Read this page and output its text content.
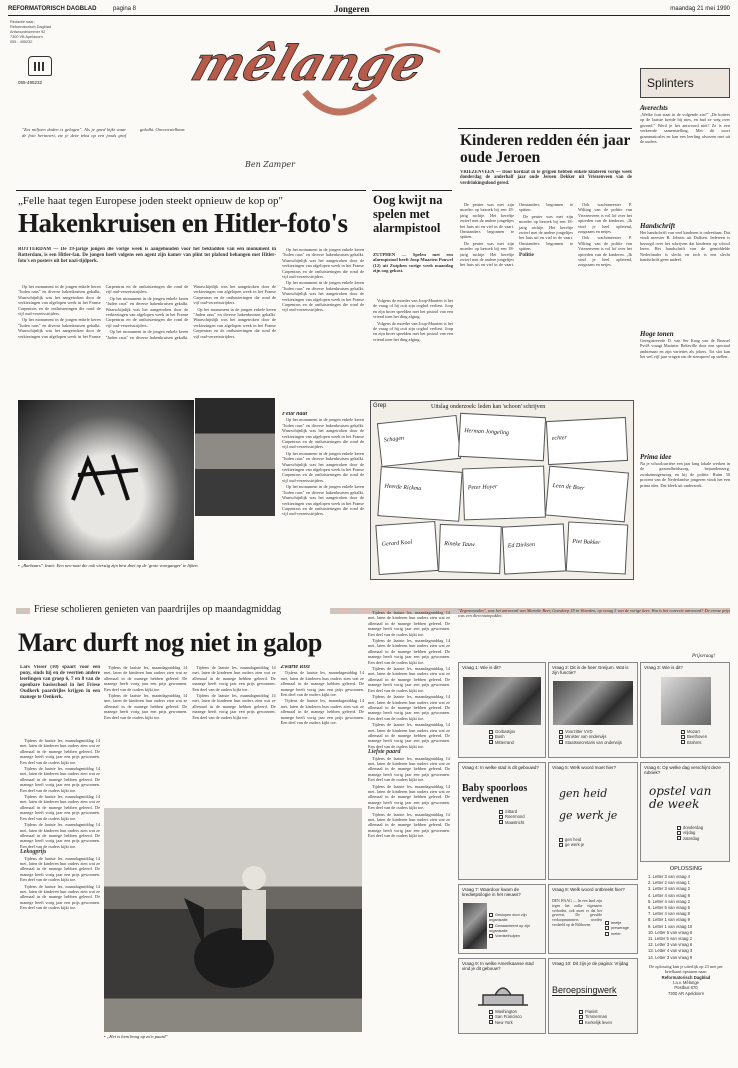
REFORMATORISCH DAGBLAD	pagina 8	Jongeren	maandag 21 mei 1990
Redactie naar:
Reformatorisch Dagblad
Antwoordnummer 92
7300 VB Apeldoorn
055 - 495232
055-495232	mêlange
"Zes miljoen doden is gelogen". Als je goed kijkt waar de foto herinnert, zie je deze tekst op een joods graf gekalkt. Onvoorstelbaar.
Ben Zamper
Splinters
Averechts
„Welke fout staat in de volgende zin?" „De kotters op de laatste kreide bij nies, en had ze weg over gezond." Werd je het antwoord niet? Ze is een verkeerde samenstelling. Met dit soort grammaticales en kan een leerling afwezen met uit de ouders.
Handschrift
Het handschrift van veel kinderen is onleesbaar. Dat vindt meester R. Jobster uit Dalfsen. Iedereen is bezorgd over het schrijven dat kinderen op school leren. Het handschrift van de gemiddelde Nederlander is slecht en toch is een slecht handschrift geen nadeel.
Hoge tonen
Geregistreerde D. van Ser Kaag van de Brussel PvdA vraagt Marinier Beltsville door een speciaal ambtenaar en zijn varieties als jokers. Tot slot kan het wel vijf jaar vragen om de stemproef op stellen.
Prima idee
Na je schoolcarrière een jaar lang lokale werken in de gezondheidszorg, bejaardenzorg, zwakzinnigenzorg en bij de politie. Ruim 50 procent van de Nederlandse jongeren vindt het een prima idee. Dat bleek uit onderzoek.
Kinderen redden één jaar oude Jeroen
VRIEZENVEEN — Door kordaat in te grijpen hebben enkele kinderen vorige week donderdag de anderhalf jaar oude Jeroen Dekker uit Vriezenveen van de verdrinkingsdood gered.

De peuter was met zijn moeder op bezoek bij een 18-jarig nichtje. Het kereltje zwierf met de andere jongeltjes het huis uit en viel in de vaart. Omstanders begonnen te spitten.

De peuter was met zijn moeder op bezoek bij een 18-jarig nichtje. Het kereltje zwierf met de andere jongeltjes het huis uit en viel in de vaart. Omstanders begonnen te spitten.

De peuter was met zijn moeder op bezoek bij een 18-jarig nichtje. Het kereltje zwierf met de andere jongeltjes het huis uit en viel in de vaart. Omstanders begonnen te spitten.

Politie

Ook wachtmeester P. Wilting van de politie van Vriezenveen is vol lof over het optreden van de kinderen. „Ik vind je heel opletend, zorgzaam en netjes.

Ook wachtmeester P. Wilting van de politie van Vriezenveen is vol lof over het optreden van de kinderen. „Ik vind je heel opletend, zorgzaam en netjes.

„Felle haat tegen Europese joden steekt opnieuw de kop op"
Hakenkruisen en Hitler-foto's
ROTTERDAM — De 19-jarige jongen die vorige week is aangehouden voor het bekladden van een monument in Rotterdam, is een Hitler-fan. De jongen heeft volgens een agent zijn kamer van plint tot plafond behangen met Hitler-foto's en posters uit het nazi-tijdperk.

Op het monument in de jongen enkele keren "Juden raus" en diverse hakenkruisen gekalkt. Waarschijnlijk was het aangetroken door de verkiezingen van afgelopen week in het Franse Carpentras en de ontluisteringen die rond de vijf oud-verzetsstrijders.

Op het monument in de jongen enkele keren "Juden raus" en diverse hakenkruisen gekalkt. Waarschijnlijk was het aangetroken door de verkiezingen van afgelopen week in het Franse Carpentras en de ontluisteringen die rond de vijf oud-verzetsstrijders.

Op het monument in de jongen enkele keren "Juden raus" en diverse hakenkruisen gekalkt. Waarschijnlijk was het aangetroken door de verkiezingen van afgelopen week in het Franse Carpentras en de ontluisteringen die rond de vijf oud-verzetsstrijders.

Op het monument in de jongen enkele keren "Juden raus" en diverse hakenkruisen gekalkt. Waarschijnlijk was het aangetroken door de verkiezingen van afgelopen week in het Franse Carpentras en de ontluisteringen die rond de vijf oud-verzetsstrijders.

Op het monument in de jongen enkele keren "Juden raus" en diverse hakenkruisen gekalkt. Waarschijnlijk was het aangetroken door de verkiezingen van afgelopen week in het Franse Carpentras en de ontluisteringen die rond de vijf oud-verzetsstrijders.

Op het monument in de jongen enkele keren "Juden raus" en diverse hakenkruisen gekalkt. Waarschijnlijk was het aangetroken door de verkiezingen van afgelopen week in het Franse Carpentras en de ontluisteringen die rond de vijf oud-verzetsstrijders.

Op het monument in de jongen enkele keren "Juden raus" en diverse hakenkruisen gekalkt. Waarschijnlijk was het aangetroken door de verkiezingen van afgelopen week in het Franse Carpentras en de ontluisteringen die rond de vijf oud-verzetsstrijders.

• „Barbaars". Inzet: Een neo-nazi die ook vierstig zijn best doet op de 'grote voorganger' te lijken.
Felle haat

Op het monument in de jongen enkele keren "Juden raus" en diverse hakenkruisen gekalkt. Waarschijnlijk was het aangetroken door de verkiezingen van afgelopen week in het Franse Carpentras en de ontluisteringen die rond de vijf oud-verzetsstrijders.

Op het monument in de jongen enkele keren "Juden raus" en diverse hakenkruisen gekalkt. Waarschijnlijk was het aangetroken door de verkiezingen van afgelopen week in het Franse Carpentras en de ontluisteringen die rond de vijf oud-verzetsstrijders.

Op het monument in de jongen enkele keren "Juden raus" en diverse hakenkruisen gekalkt. Waarschijnlijk was het aangetroken door de verkiezingen van afgelopen week in het Franse Carpentras en de ontluisteringen die rond de vijf oud-verzetsstrijders.

Oog kwijt na spelen met alarmpistool
ZUTPHEN — Spelen met een alarmpistool heeft Joop Maarten Pouwel (12) uit Zutphen vorige week maandag zijn oog gekost.

Volgens de moeder van Joop-Maarten is het de vraag of hij ooit zijn oogbol verliest. Joop en zijn broer speelden met het pistool van een vriend toen het ding afging.

Volgens de moeder van Joop-Maarten is het de vraag of hij ooit zijn oogbol verliest. Joop en zijn broer speelden met het pistool van een vriend toen het ding afging.

Grep	Uitslag onderzoek: leden kan 'schoon' schrijven
Schagen
Herman Jongeling
echter
Heerde Rickma	Peter Hoyer	Leen de Boer
Gerard Kool	Rineke Tauw	Ed Dirksen	Piet Bakker
Friese scholieren genieten van paardrijles op maandagmiddag
Marc durft nog niet in galop
Lars Visser (10) spaart voor een pony, sinds hij en de veertien andere leerlingen van groep 6, 7 en 8 van de openbare basisschool in het Friese Oudkerk paardrijles krijgen in een manege te Oenkerk.

Tijdens de laatste les, maandagmiddag 14 mei, laten de kinderen hun ouders zien wat ze allemaal in de manege hebben geleerd. De manege heeft vorig jaar een prijs gewonnen. Een deel van de ouders kijkt toe.

Tijdens de laatste les, maandagmiddag 14 mei, laten de kinderen hun ouders zien wat ze allemaal in de manege hebben geleerd. De manege heeft vorig jaar een prijs gewonnen. Een deel van de ouders kijkt toe.

Tijdens de laatste les, maandagmiddag 14 mei, laten de kinderen hun ouders zien wat ze allemaal in de manege hebben geleerd. De manege heeft vorig jaar een prijs gewonnen. Een deel van de ouders kijkt toe.

Tijdens de laatste les, maandagmiddag 14 mei, laten de kinderen hun ouders zien wat ze allemaal in de manege hebben geleerd. De manege heeft vorig jaar een prijs gewonnen. Een deel van de ouders kijkt toe.

Lekogprijs

Tijdens de laatste les, maandagmiddag 14 mei, laten de kinderen hun ouders zien wat ze allemaal in de manege hebben geleerd. De manege heeft vorig jaar een prijs gewonnen. Een deel van de ouders kijkt toe.

Tijdens de laatste les, maandagmiddag 14 mei, laten de kinderen hun ouders zien wat ze allemaal in de manege hebben geleerd. De manege heeft vorig jaar een prijs gewonnen. Een deel van de ouders kijkt toe.

Tijdens de laatste les, maandagmiddag 14 mei, laten de kinderen hun ouders zien wat ze allemaal in de manege hebben geleerd. De manege heeft vorig jaar een prijs gewonnen. Een deel van de ouders kijkt toe.

Tijdens de laatste les, maandagmiddag 14 mei, laten de kinderen hun ouders zien wat ze allemaal in de manege hebben geleerd. De manege heeft vorig jaar een prijs gewonnen. Een deel van de ouders kijkt toe.

Tijdens de laatste les, maandagmiddag 14 mei, laten de kinderen hun ouders zien wat ze allemaal in de manege hebben geleerd. De manege heeft vorig jaar een prijs gewonnen. Een deel van de ouders kijkt toe.

Tijdens de laatste les, maandagmiddag 14 mei, laten de kinderen hun ouders zien wat ze allemaal in de manege hebben geleerd. De manege heeft vorig jaar een prijs gewonnen. Een deel van de ouders kijkt toe.

Zwarte Rixt

Tijdens de laatste les, maandagmiddag 14 mei, laten de kinderen hun ouders zien wat ze allemaal in de manege hebben geleerd. De manege heeft vorig jaar een prijs gewonnen. Een deel van de ouders kijkt toe.

Tijdens de laatste les, maandagmiddag 14 mei, laten de kinderen hun ouders zien wat ze allemaal in de manege hebben geleerd. De manege heeft vorig jaar een prijs gewonnen. Een deel van de ouders kijkt toe.

• „Het is hem hoog op zo'n paard"

Tijdens de laatste les, maandagmiddag 14 mei, laten de kinderen hun ouders zien wat ze allemaal in de manege hebben geleerd. De manege heeft vorig jaar een prijs gewonnen. Een deel van de ouders kijkt toe.

Tijdens de laatste les, maandagmiddag 14 mei, laten de kinderen hun ouders zien wat ze allemaal in de manege hebben geleerd. De manege heeft vorig jaar een prijs gewonnen. Een deel van de ouders kijkt toe.

Tijdens de laatste les, maandagmiddag 14 mei, laten de kinderen hun ouders zien wat ze allemaal in de manege hebben geleerd. De manege heeft vorig jaar een prijs gewonnen. Een deel van de ouders kijkt toe.

Tijdens de laatste les, maandagmiddag 14 mei, laten de kinderen hun ouders zien wat ze allemaal in de manege hebben geleerd. De manege heeft vorig jaar een prijs gewonnen. Een deel van de ouders kijkt toe.

Tijdens de laatste les, maandagmiddag 14 mei, laten de kinderen hun ouders zien wat ze allemaal in de manege hebben geleerd. De manege heeft vorig jaar een prijs gewonnen. Een deel van de ouders kijkt toe.

Liefste paard

Tijdens de laatste les, maandagmiddag 14 mei, laten de kinderen hun ouders zien wat ze allemaal in de manege hebben geleerd. De manege heeft vorig jaar een prijs gewonnen. Een deel van de ouders kijkt toe.

Tijdens de laatste les, maandagmiddag 14 mei, laten de kinderen hun ouders zien wat ze allemaal in de manege hebben geleerd. De manege heeft vorig jaar een prijs gewonnen. Een deel van de ouders kijkt toe.

Tijdens de laatste les, maandagmiddag 14 mei, laten de kinderen hun ouders zien wat ze allemaal in de manege hebben geleerd. De manege heeft vorig jaar een prijs gewonnen. Een deel van de ouders kijkt toe.

"Zegenwonden", was het antwoord van Marieke Beer, Goesdorp 19 in Woerden, op vraag 3 van de vorige keer. Wat is het correcte antwoord? De eerste prijs was een dierentuinpakket.
Prijsvraag!
Vraag 1: Wie is dit?
Gorbatsjov
Bush
Mitterrand
Vraag 2: Dit is de heer Greijum. Wat is zijn functie?
Voorzitter VVD
Minister van onderwijs
Staatssecretaris van onderwijs
Vraag 3: Wie is dit?
Mozart
Beethoven
Brahms
Vraag 4: In welke stad is dit gebouwd?
Baby spoorloos verdwenen
Sittard
Roermond
Maastricht
Vraag 5: Welk woord moet hier?
gen heid
ge werk je
gen heid
ge werk je
Vraag 6: Op welke dag verschijnt deze rubriek?
opstel van de week
donderdag
vrijdag
zaterdag
Vraag 7: Waardoor kwam de kredietpsilogie in het nieuws?
Geslopen door zijn organisatie
Gewaardeerd op zijn organisatie
Voedselhulpen
Vraag 8: Welk woord ontbreekt hier?
DEN HAAG — In een land zijn tegen het zulke eigenaren verboden, ook moet er dat het geweest. De gevulde verkoopnummers worden verdeeld op de Bilthoven.	beetje
prewerage
meter
Vraag 9: In welke Amerikaanse stad vind je dit gebouw?
Washington
San Francisco
New York
Vraag 10: Dit zijn je de pagina: Vrijdag
Beroepsingwerk
Pianist
Timmerman
Kerkelijk leven
OPLOSSING
1. Letter 3 van vraag 4
2. Letter 2 van vraag 1
3. Letter 3 van vraag 2
4. Letter 4 van vraag 8
5. Letter 4 van vraag 2
6. Letter 5 van vraag 5
7. Letter 4 van vraag 8
8. Letter 1 van vraag 9
9. Letter 1 van vraag 10
10. Letter 5 van vraag 6
11. Letter 5 van vraag 2
12. Letter 3 van vraag 6
13. Letter 4 van vraag 3
14. Letter 3 van vraag 9
De oplossing kun je uiterlijk op 23 mei per briefkaart opsturen naar:
Reformatorisch Dagblad
t.a.v. Mêlange
Postbus 670
7300 AR Apeldoorn
